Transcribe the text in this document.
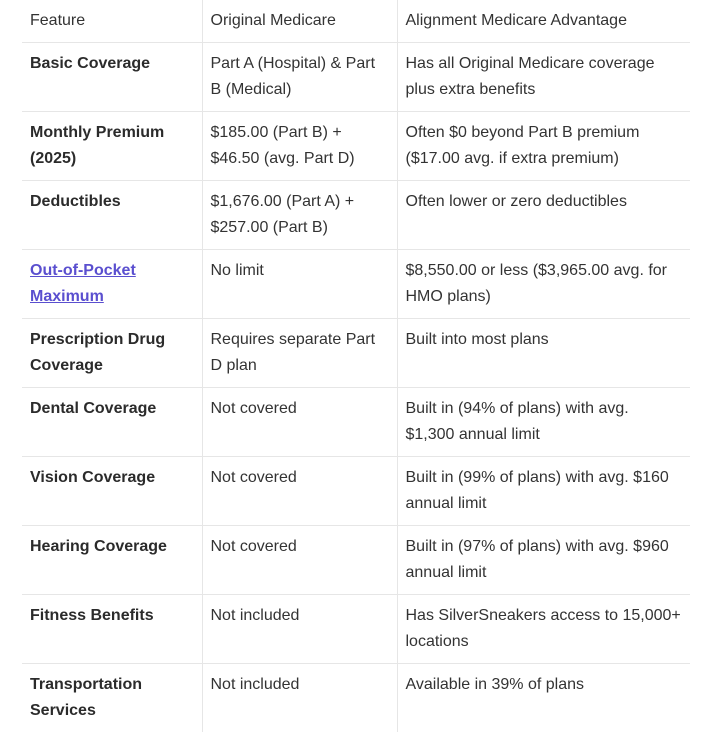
Feature	Original Medicare	Alignment Medicare Advantage
Basic Coverage	Part A (Hospital) & Part B (Medical)	Has all Original Medicare coverage plus extra benefits
Monthly Premium (2025)	$185.00 (Part B) + $46.50 (avg. Part D)	Often $0 beyond Part B premium ($17.00 avg. if extra premium)
Deductibles	$1,676.00 (Part A) + $257.00 (Part B)	Often lower or zero deductibles
Out-of-Pocket Maximum	No limit	$8,550.00 or less ($3,965.00 avg. for HMO plans)
Prescription Drug Coverage	Requires separate Part D plan	Built into most plans
Dental Coverage	Not covered	Built in (94% of plans) with avg. $1,300 annual limit
Vision Coverage	Not covered	Built in (99% of plans) with avg. $160 annual limit
Hearing Coverage	Not covered	Built in (97% of plans) with avg. $960 annual limit
Fitness Benefits	Not included	Has SilverSneakers access to 15,000+ locations
Transportation Services	Not included	Available in 39% of plans
